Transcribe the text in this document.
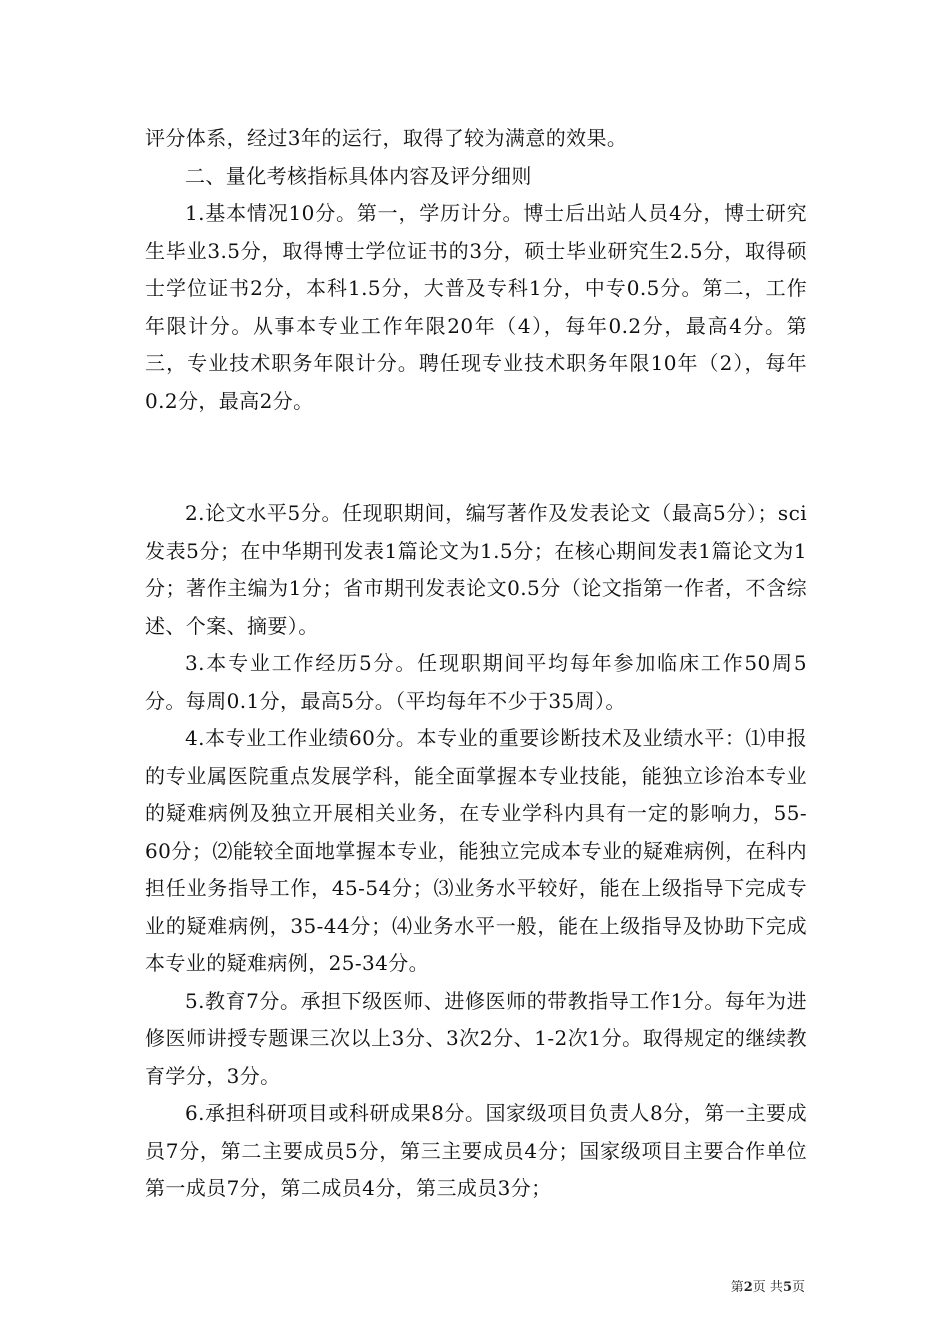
评分体系，经过3年的运行，取得了较为满意的效果。

二、量化考核指标具体内容及评分细则

1.基本情况10分。第一，学历计分。博士后出站人员4分，博士研究生毕业3.5分，取得博士学位证书的3分，硕士毕业研究生2.5分，取得硕士学位证书2分，本科1.5分，大普及专科1分，中专0.5分。第二，工作年限计分。从事本专业工作年限20年（4），每年0.2分，最高4分。第三，专业技术职务年限计分。聘任现专业技术职务年限10年（2），每年0.2分，最高2分。

2.论文水平5分。任现职期间，编写著作及发表论文（最高5分）；sci发表5分；在中华期刊发表1篇论文为1.5分；在核心期间发表1篇论文为1分；著作主编为1分；省市期刊发表论文0.5分（论文指第一作者，不含综述、个案、摘要）。

3.本专业工作经历5分。任现职期间平均每年参加临床工作50周5分。每周0.1分，最高5分。（平均每年不少于35周）。

4.本专业工作业绩60分。本专业的重要诊断技术及业绩水平：⑴申报的专业属医院重点发展学科，能全面掌握本专业技能，能独立诊治本专业的疑难病例及独立开展相关业务，在专业学科内具有一定的影响力，55-60分；⑵能较全面地掌握本专业，能独立完成本专业的疑难病例，在科内担任业务指导工作，45-54分；⑶业务水平较好，能在上级指导下完成专业的疑难病例，35-44分；⑷业务水平一般，能在上级指导及协助下完成本专业的疑难病例，25-34分。

5.教育7分。承担下级医师、进修医师的带教指导工作1分。每年为进修医师讲授专题课三次以上3分、3次2分、1-2次1分。取得规定的继续教育学分，3分。

6.承担科研项目或科研成果8分。国家级项目负责人8分，第一主要成员7分，第二主要成员5分，第三主要成员4分；国家级项目主要合作单位第一成员7分，第二成员4分，第三成员3分；

第2页 共5页
